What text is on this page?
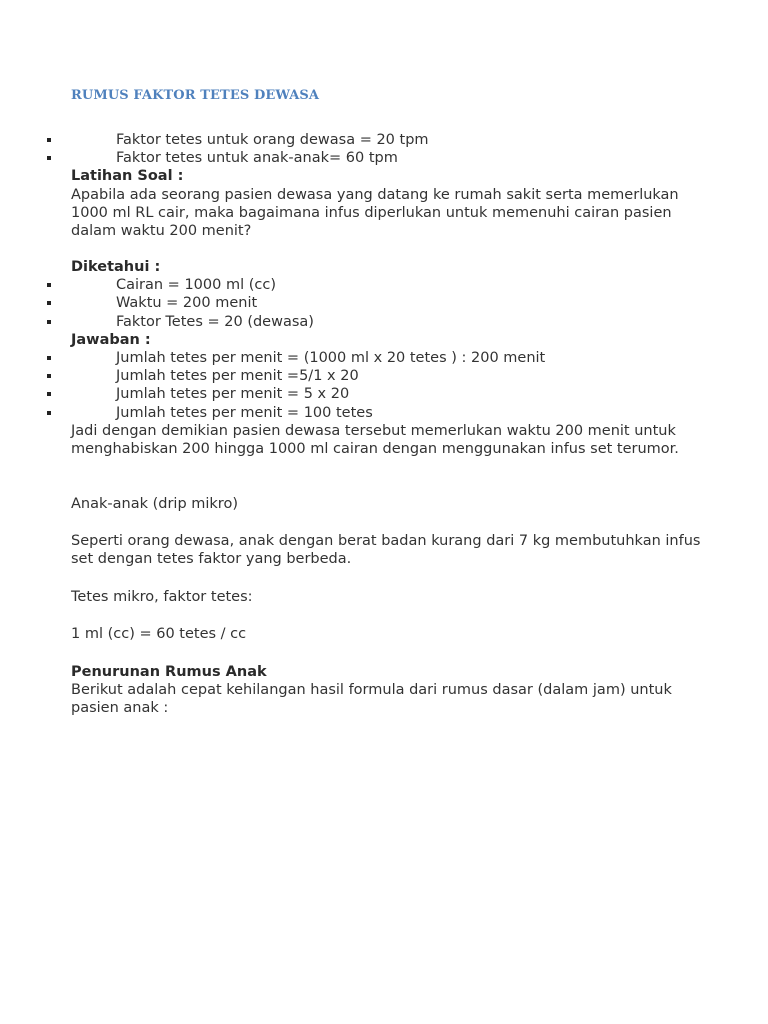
RUMUS FAKTOR TETES DEWASA
Faktor tetes untuk orang dewasa = 20 tpm
Faktor tetes untuk anak-anak= 60 tpm
Latihan Soal :

Apabila ada seorang pasien dewasa yang datang ke rumah sakit serta memerlukan 1000 ml RL cair, maka bagaimana infus diperlukan untuk memenuhi cairan pasien dalam waktu 200 menit?

Diketahui :
Cairan = 1000 ml (cc)
Waktu = 200 menit
Faktor Tetes = 20 (dewasa)
Jawaban :
Jumlah tetes per menit = (1000 ml x 20 tetes ) : 200 menit
Jumlah tetes per menit =5/1 x 20
Jumlah tetes per menit = 5 x 20
Jumlah tetes per menit = 100 tetes

Jadi dengan demikian pasien dewasa tersebut memerlukan waktu 200 menit untuk menghabiskan 200 hingga 1000 ml cairan dengan menggunakan infus set terumor.

Anak-anak (drip mikro)
Seperti orang dewasa, anak dengan berat badan kurang dari 7 kg membutuhkan infus set dengan tetes faktor yang berbeda.
Tetes mikro, faktor tetes:
1 ml (cc) = 60 tetes / cc
Penurunan Rumus Anak

Berikut adalah cepat kehilangan hasil formula dari rumus dasar (dalam jam) untuk pasien anak :
